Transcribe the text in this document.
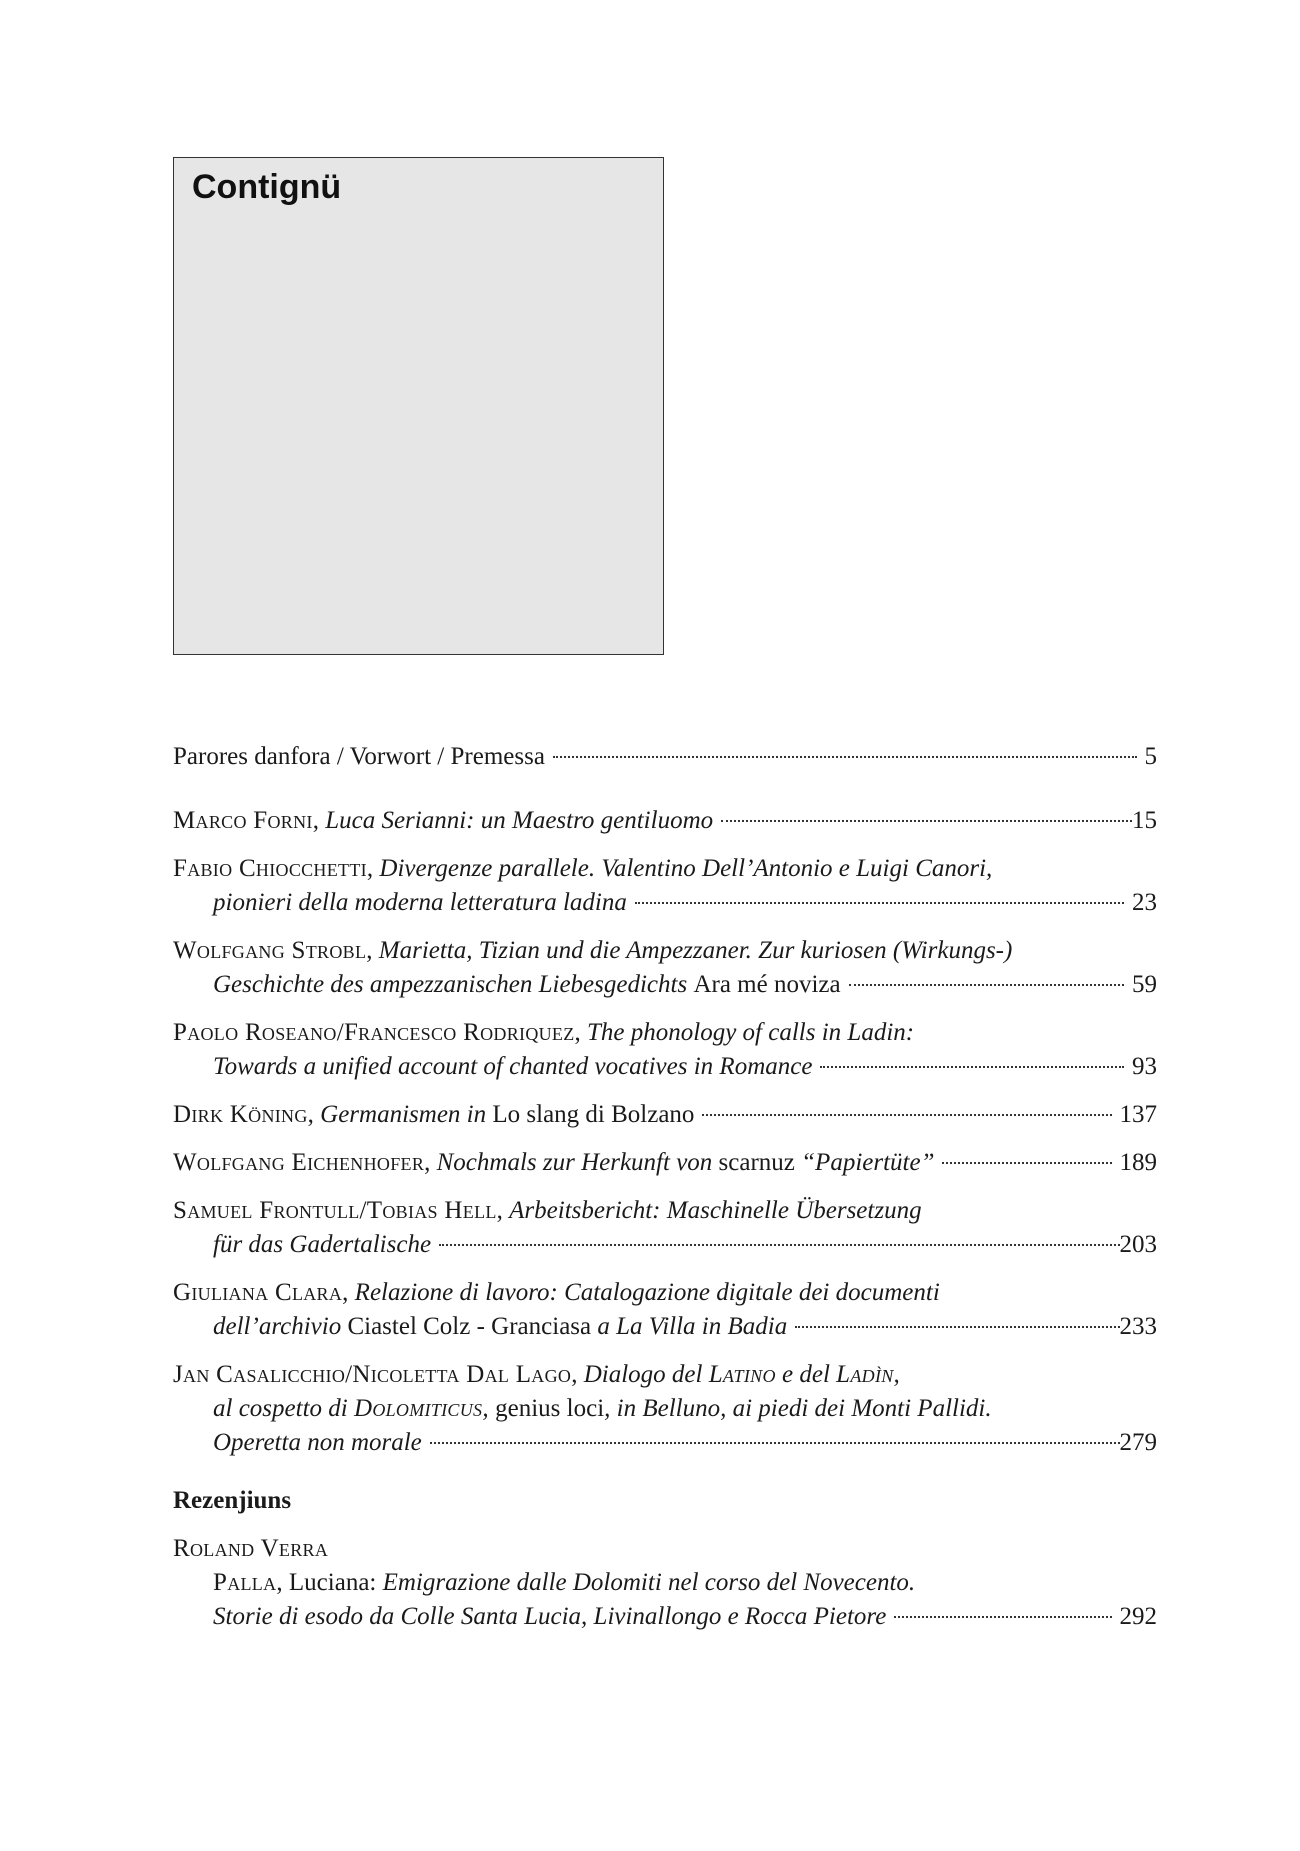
Contignü
Parores danfora / Vorwort / Premessa	5
Marco Forni , Luca Serianni: un Maestro gentiluomo	15
Fabio Chiocchetti , Divergenze parallele. Valentino Dell’Antonio e Luigi Canori,
pionieri della moderna letteratura ladina	23
Wolfgang Strobl , Marietta, Tizian und die Ampezzaner. Zur kuriosen (Wirkungs-)
Geschichte des ampezzanischen Liebesgedichts
Ara mé noviza	59
Paolo Roseano/Francesco Rodriquez , The phonology of calls in Ladin:
Towards a unified account of chanted vocatives in Romance	93
Dirk Köning , Germanismen in
Lo slang di Bolzano	137
Wolfgang Eichenhofer , Nochmals zur Herkunft von
scarnuz
“Papiertüte”	189
Samuel Frontull/Tobias Hell , Arbeitsbericht: Maschinelle Übersetzung
für das Gadertalische	203
Giuliana Clara , Relazione di lavoro: Catalogazione digitale dei documenti
dell’archivio
Ciastel Colz - Granciasa
a La Villa in Badia	233
Jan Casalicchio/Nicoletta Dal Lago , Dialogo del
Latino
e del
Ladìn,
al cospetto di
Dolomiticus,
genius loci , in Belluno, ai piedi dei Monti Pallidi.
Operetta non morale	279
Rezenjiuns
Roland Verra
Palla , Luciana:
Emigrazione dalle Dolomiti nel corso del Novecento.
Storie di esodo da Colle Santa Lucia, Livinallongo e Rocca Pietore	292
